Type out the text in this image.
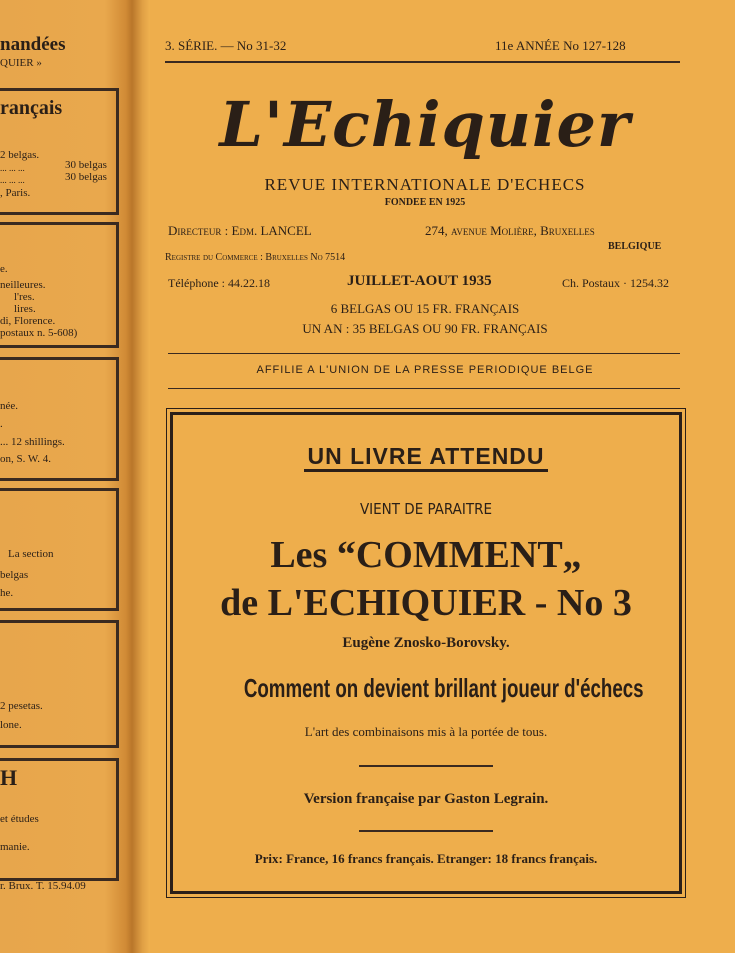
nandées
QUIER »
rançais
2 belgas.
... ... ...
... ... ...
, Paris.
30 belgas
30 belgas
e.
neilleures.
l'res.
lires.
di, Florence.
postaux n. 5-608)
née.
.
... 12 shillings.
on, S. W. 4.
La section
belgas
he.
2 pesetas.
lone.
H
et études
manie.
r. Brux. T. 15.94.09
3. SÉRIE. — No 31-32	11e ANNÉE No 127-128
L'Echiquier
REVUE INTERNATIONALE D'ECHECS
FONDEE EN 1925
Directeur : Edm. LANCEL	274, avenue Molière, Bruxelles
BELGIQUE
Registre du Commerce : Bruxelles No 7514
Téléphone : 44.22.18	JUILLET-AOUT 1935	Ch. Postaux · 1254.32
6 BELGAS OU 15 FR. FRANÇAIS
UN AN : 35 BELGAS OU 90 FR. FRANÇAIS
AFFILIE A L'UNION DE LA PRESSE PERIODIQUE BELGE
UN LIVRE ATTENDU
VIENT DE PARAITRE
Les “COMMENT„
de L'ECHIQUIER - No 3
Eugène Znosko-Borovsky.
Comment on devient brillant joueur d'échecs
L'art des combinaisons mis à la portée de tous.
Version française par Gaston Legrain.
Prix: France, 16 francs français. Etranger: 18 francs français.
